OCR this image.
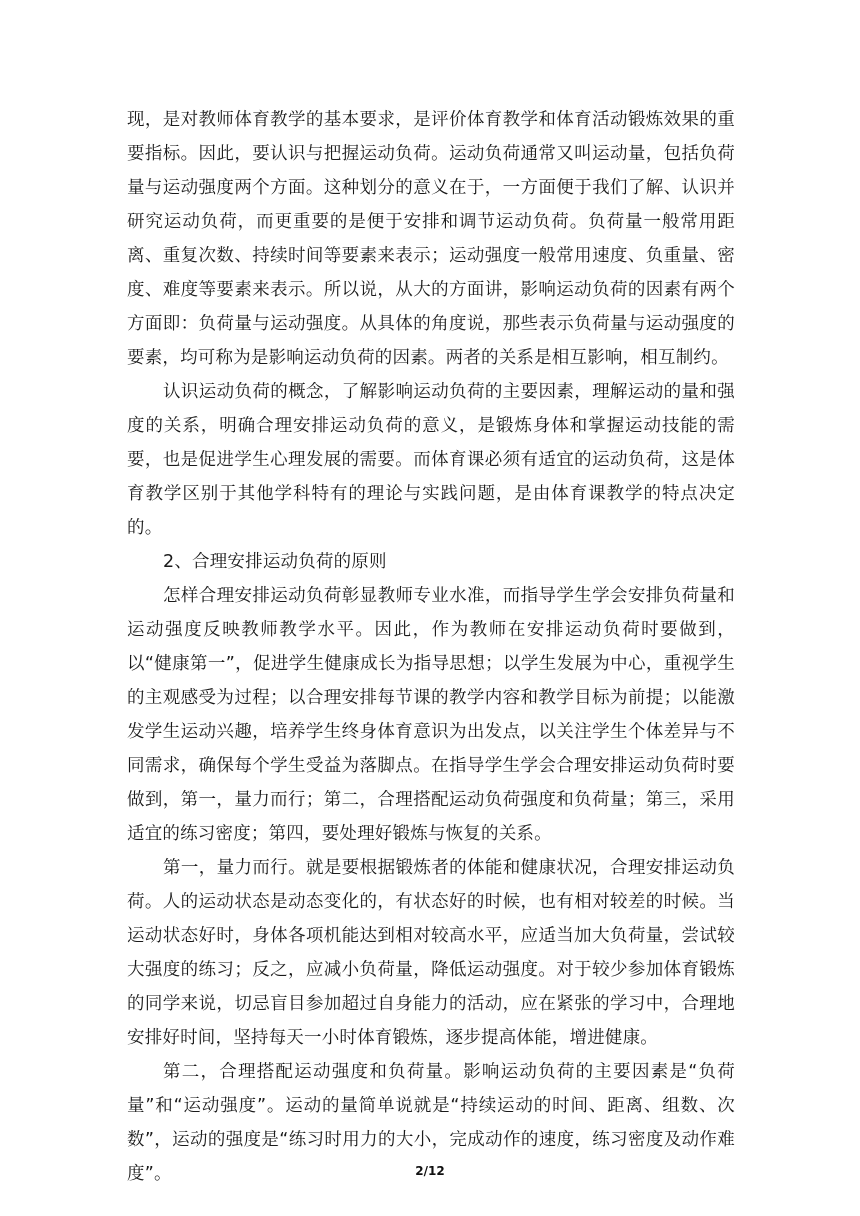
现，是对教师体育教学的基本要求，是评价体育教学和体育活动锻炼效果的重要指标。因此，要认识与把握运动负荷。运动负荷通常又叫运动量，包括负荷量与运动强度两个方面。这种划分的意义在于，一方面便于我们了解、认识并研究运动负荷，而更重要的是便于安排和调节运动负荷。负荷量一般常用距离、重复次数、持续时间等要素来表示；运动强度一般常用速度、负重量、密度、难度等要素来表示。所以说，从大的方面讲，影响运动负荷的因素有两个方面即：负荷量与运动强度。从具体的角度说，那些表示负荷量与运动强度的要素，均可称为是影响运动负荷的因素。两者的关系是相互影响，相互制约。

认识运动负荷的概念，了解影响运动负荷的主要因素，理解运动的量和强度的关系，明确合理安排运动负荷的意义，是锻炼身体和掌握运动技能的需要，也是促进学生心理发展的需要。而体育课必须有适宜的运动负荷，这是体育教学区别于其他学科特有的理论与实践问题，是由体育课教学的特点决定的。

2、合理安排运动负荷的原则

怎样合理安排运动负荷彰显教师专业水准，而指导学生学会安排负荷量和运动强度反映教师教学水平。因此，作为教师在安排运动负荷时要做到，以“健康第一”，促进学生健康成长为指导思想；以学生发展为中心，重视学生的主观感受为过程；以合理安排每节课的教学内容和教学目标为前提；以能激发学生运动兴趣，培养学生终身体育意识为出发点，以关注学生个体差异与不同需求，确保每个学生受益为落脚点。在指导学生学会合理安排运动负荷时要做到，第一，量力而行；第二，合理搭配运动负荷强度和负荷量；第三，采用适宜的练习密度；第四，要处理好锻炼与恢复的关系。

第一，量力而行。就是要根据锻炼者的体能和健康状况，合理安排运动负荷。人的运动状态是动态变化的，有状态好的时候，也有相对较差的时候。当运动状态好时，身体各项机能达到相对较高水平，应适当加大负荷量，尝试较大强度的练习；反之，应减小负荷量，降低运动强度。对于较少参加体育锻炼的同学来说，切忌盲目参加超过自身能力的活动，应在紧张的学习中，合理地安排好时间，坚持每天一小时体育锻炼，逐步提高体能，增进健康。

第二，合理搭配运动强度和负荷量。影响运动负荷的主要因素是“负荷量”和“运动强度”。运动的量简单说就是“持续运动的时间、距离、组数、次数”，运动的强度是“练习时用力的大小，完成动作的速度，练习密度及动作难度”。	2/12
